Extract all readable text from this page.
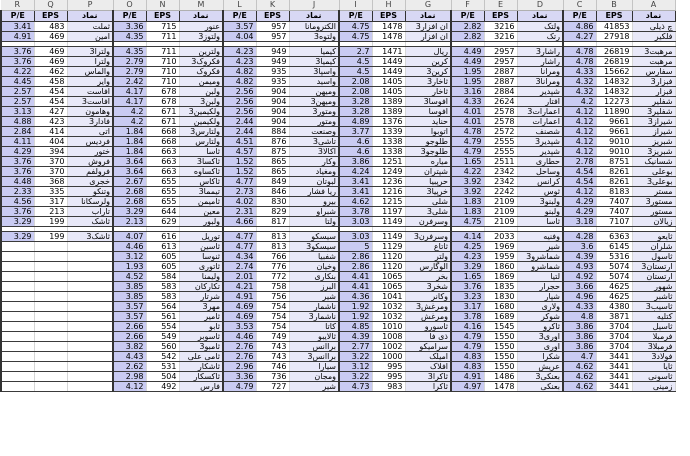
R	Q	P	O	N	M	L	K	J	I	H	G	F	E	D	C	B	A
P/E	EPS	نماد	P/E	EPS	نماد	P/E	EPS	نماد	P/E	EPS	نماد	P/E	EPS	نماد	P/E	EPS	نماد
3.41	483	ثملت	3.36	715	عنور	3.57	957	الکترومانا	4.75	1478	ان افزار3	2.82	3216	ولتک	4.86	41853	چ ذیلی
4.91	469	امین	4.35	711	ولتوز3	4.04	957	ولتوه3	4.75	1478	ان افزار	2.82	3216	رتک	4.27	27918	فلکیر

3.76	469	ولترا3	4.35	711	ولترین	4.23	949	کیمیا	2.7	1471	ریال	4.49	2957	راشار3	4.78	26819	مرهبت3
3.76	469	ولترا	2.79	710	فکروک3	4.23	949	کیمیا3	4.5	1449	کرین	4.49	2957	راشار	4.78	26819	مرهبت
4.22	462	والماس	2.79	710	فکروک	4.82	935	واسپا3	4.5	1449	کرین3	1.95	2887	ومرانا	4.33	15662	سفارس
4.45	458	وایر	2.42	710	ومیمن	4.82	935	واسید	2.08	1405	ثاخار3	1.95	2887	ومرانا3	4.32	14832	فبزار3
2.57	454	افاست	4.17	678	ولبن	2.56	904	ومیهن	2.08	1405	ثاخار	3.16	2884	شپدیر	4.32	14832	قبزار
2.57	454	افاست3	4.17	678	ولبن3	2.56	904	ومیهن3	3.28	1389	افوسا3	4.33	2624	افتار	4.2	12273	شفلیر
3.13	427	وهامون	4.2	671	ولکیمین3	2.56	904	ومتور3	3.28	1389	افوسا	4.01	2578	اعمارات3	4.12	11890	شفلیر3
4.88	423	فادار3	4.2	671	ولکیمین	2.44	904	ومتور	4.89	1376	حناید	4.01	2578	اعمارات	4.12	9661	شیراز3
2.84	414	اتی	1.84	668	ولتارس3	2.44	884	وصنعت	3.77	1339	اتوبوا	4.78	2572	شصنف	4.12	9661	شیراز
4.11	404	فردیس	1.84	668	ولتارس	4.51	876	تاشی3	4.6	1338	طلوجو	4.79	2555	شپدیر3	4.12	9010	شبریز
4.29	394	ختور	1.84	663	ثاسا	4.57	875	اکالا3	4.6	1338	طلوجو3	4.79	2555	شپدیر	4.12	9010	شبریز3
3.76	370	فروش	3.64	663	ثاکسا3	1.52	865	وکار	3.86	1251	میاره	1.65	2511	حطاری	2.78	8751	شسانیک
3.76	370	فرولفم	3.64	663	ثاکساوه	1.52	865	ومغیاد	4.24	1249	شپتران	4.22	2342	وساحل	4.54	8261	بوعلی
4.48	368	خجری	2.67	655	ثاکاس	4.77	849	لبوتان	3.41	1236	حرپبیا	3.92	2342	کرانس	4.54	8261	بوعلی3
2.33	335	وتنکو	2.68	655	تیمما3	2.73	846	ریا فشار	3.41	1216	خرپیا3	3.92	2242	ثوس	4.12	8183	مستر
4.56	317	ولرسکانا	2.68	655	ثامیمن	4.02	830	بیرو	4.62	1215	شلی	1.83	2109	ولبنو3	4.29	7407	مستور3
3.76	213	تاراب	3.29	644	معین	2.31	829	شبراو	3.78	1197	شلی3	1.83	2109	ولبنو	4.29	7407	مستور
3.29	199	ثاشک	2.13	629	ولبور	4.66	817	ولتا	3.03	1149	وسرفرن	4.75	2109	ثاسا	3.18	7107	زیالان

3.29	199	ثاشک3	4.07	616	توریل	4.77	813	سیسکو	3.03	1149	وسرفرن3	4.14	2033	وفنیه	4.28	6363	ثایعو
			4.46	613	ثاسین	4.77	813	سیسکو3	5	1129	ثاتاع	4.25	1969	شیر	3.6	6145	شلران
			3.12	605	ثنوسا	4.34	766	شفبیا	2.86	1120	ولتر	4.23	1959	شماشرو3	4.39	5316	ثاسول
			1.93	605	ثاتوری	2.74	776	وخیان	2.86	1120	الوگارس	3.29	1860	شماشرو	4.93	5074	ارتستان3
			4.52	584	ولیمنا	2.01	772	بنکاری	4.41	1065	بخر	1.65	1869	لتیا	4.92	5074	ارتستان
			3.85	583	تكاركان	4.21	758	البرز	4.41	1065	شخر3	3.76	1835	حجرار	3.66	4625	شهور
			3.85	583	شرتار	4.91	756	شیر	4.36	1041	وکانر	3.23	1830	شپار	4.96	4625	ثاشبر
			3.57	564	مهر3	4.69	754	ناشمار	1.92	1032	ومرغش3	3.17	1680	ولاری	4.33	4380	ثاسیب3
			3.57	561	ثامیر	4.69	754	ناشمار3	1.92	1032	ومرغش	3.78	1689	شوکر	4.8	3871	کتلیه
			2.66	554	ثابو	3.53	754	کاتا	4.85	1010	ثاسورو	4.16	1545	ثاکرو	3.86	3704	ثاسیل
			2.66	549	ثاسوبر	4.46	749	ثالایبو	4.39	1008	ذی فا	4.79	1550	اوری3	3.86	3704	فرمبلا
			3.82	560	ثامبو3	2.76	743	براانس	2.77	1002	سرامیکو	4.79	1550	اوری	3.86	3704	فرمبلا3
			4.43	542	ثامی علی	2.76	743	براانس3	3.22	1000	امیلک	4.83	1550	شکرا	4.7	3441	فولاد3
			2.62	531	ثاشکار	2.96	746	سیارا	3.12	995	افلاک	4.83	1550	عریش	4.62	3441	ثایا
			2.98	504	ثاکسکار	3.36	736	ومجان	3.22	995	ثاکرا3	4.91	1486	بعنکی3	4.62	3441	ثاسونی
			4.12	492	فارس	4.79	727	شیر	4.73	983	ثاکرا	4.97	1478	بعنکی	4.62	3441	زمینی
